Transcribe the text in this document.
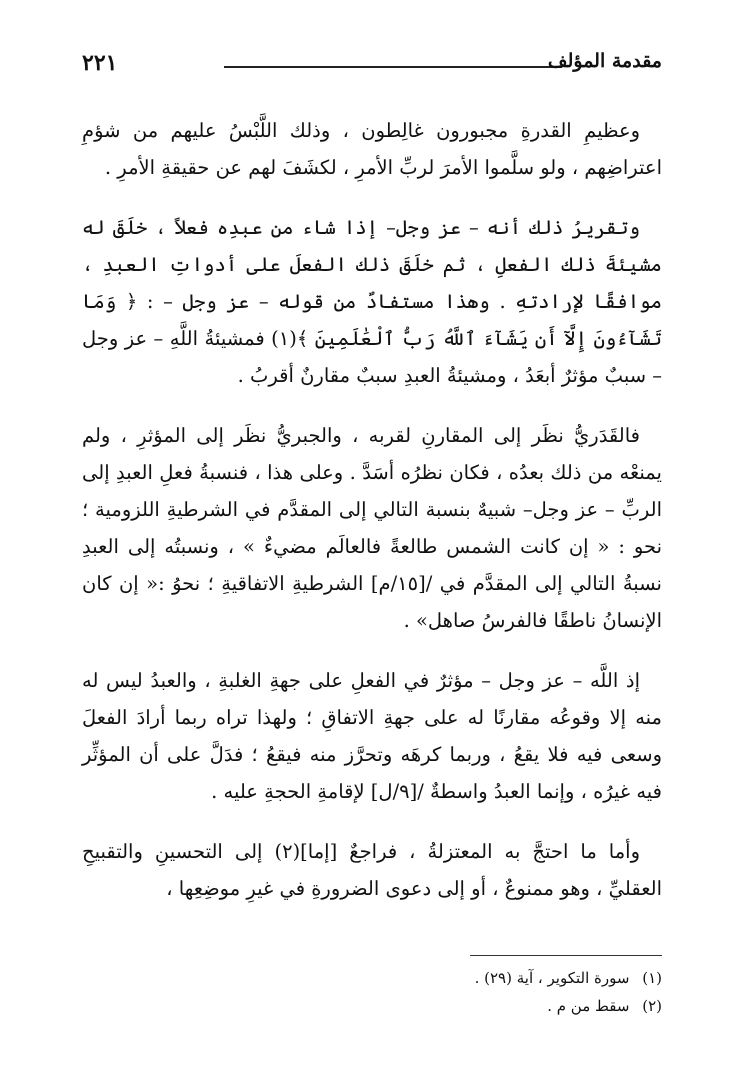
٢٢١	مقدمة المؤلف

وعظيمِ القدرةِ مجبورون غالِطون ، وذلك اللَّبْسُ عليهم من شؤمِ اعتراضِهم ، ولو سلَّموا الأمرَ لربِّ الأمرِ ، لكشَفَ لهم عن حقيقةِ الأمرِ .

وتقريرُ ذلك أنه – عز وجل– إذا شاء من عبدِه فعلاً ، خلَقَ له مشيئةَ ذلك الفعلِ ، ثم خلَقَ ذلك الفعلَ على أدواتِ العبدِ ، موافقًا لإرادتهِ . وهذا مستفادٌ من قوله – عز وجل – : ﴿ وَمَا تَشَآءُونَ إِلَّآ أَن يَشَآءَ ٱللَّهُ رَبُّ ٱلْعَٰلَمِينَ ﴾(١) فمشيئةُ اللَّهِ – عز وجل – سببٌ مؤثرٌ أبعَدُ ، ومشيئةُ العبدِ سببٌ مقارنٌ أقربُ .

فالقَدَريُّ نظَر إلى المقارنِ لقربه ، والجبريُّ نظَر إلى المؤثرِ ، ولم يمنعْه من ذلك بعدُه ، فكان نظرُه أسَدَّ . وعلى هذا ، فنسبةُ فعلِ العبدِ إلى الربِّ – عز وجل– شبيهٌ بنسبة التالي إلى المقدَّم في الشرطيةِ اللزومية ؛ نحو : « إن كانت الشمس طالعةً فالعالَم مضيءٌ » ، ونسبتُه إلى العبدِ نسبةُ التالي إلى المقدَّم في /[١٥/م] الشرطيةِ الاتفاقيةِ ؛ نحوُ :« إن كان الإنسانُ ناطقًا فالفرسُ صاهل» .

إذ اللَّه – عز وجل – مؤثرٌ في الفعلِ على جهةِ الغلبةِ ، والعبدُ ليس له منه إلا وقوعُه مقارنًا له على جهةِ الاتفاقِ ؛ ولهذا تراه ربما أرادَ الفعلَ وسعى فيه فلا يقعُ ، وربما كرهَه وتحرَّز منه فيقعُ ؛ فدَلَّ على أن المؤثِّر فيه غيرُه ، وإنما العبدُ واسطةٌ /[٩/ل] لإقامةِ الحجةِ عليه .

وأما ما احتجَّ به المعتزلةُ ، فراجعٌ [إما](٢) إلى التحسينِ والتقبيحِ العقليِّ ، وهو ممنوعٌ ، أو إلى دعوى الضرورةِ في غيرِ موضِعِها ،

(١) سورة التكوير ، آية (٢٩) .

(٢) سقط من م .
